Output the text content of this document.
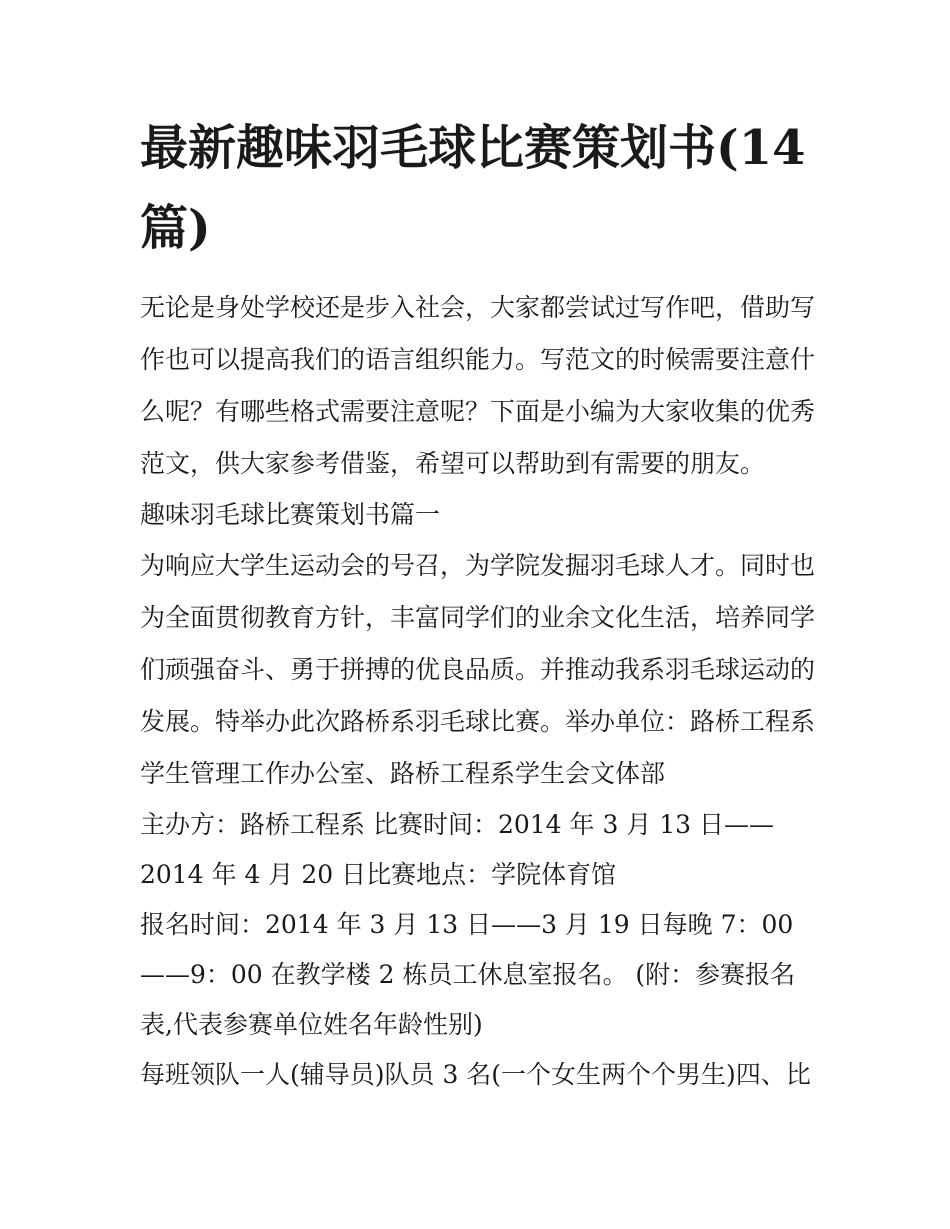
最新趣味羽毛球比赛策划书(14篇)

无论是身处学校还是步入社会，大家都尝试过写作吧，借助写作也可以提高我们的语言组织能力。写范文的时候需要注意什么呢？有哪些格式需要注意呢？下面是小编为大家收集的优秀范文，供大家参考借鉴，希望可以帮助到有需要的朋友。

趣味羽毛球比赛策划书篇一

为响应大学生运动会的号召，为学院发掘羽毛球人才。同时也为全面贯彻教育方针，丰富同学们的业余文化生活，培养同学们顽强奋斗、勇于拼搏的优良品质。并推动我系羽毛球运动的发展。特举办此次路桥系羽毛球比赛。举办单位：路桥工程系学生管理工作办公室、路桥工程系学生会文体部

主办方：路桥工程系 比赛时间：2014 年 3 月 13 日——2014 年 4 月 20 日比赛地点：学院体育馆

报名时间：2014 年 3 月 13 日——3 月 19 日每晚 7：00——9：00 在教学楼 2 栋员工休息室报名。 (附：参赛报名表,代表参赛单位姓名年龄性别)

每班领队一人(辅导员)队员 3 名(一个女生两个个男生)四、比
